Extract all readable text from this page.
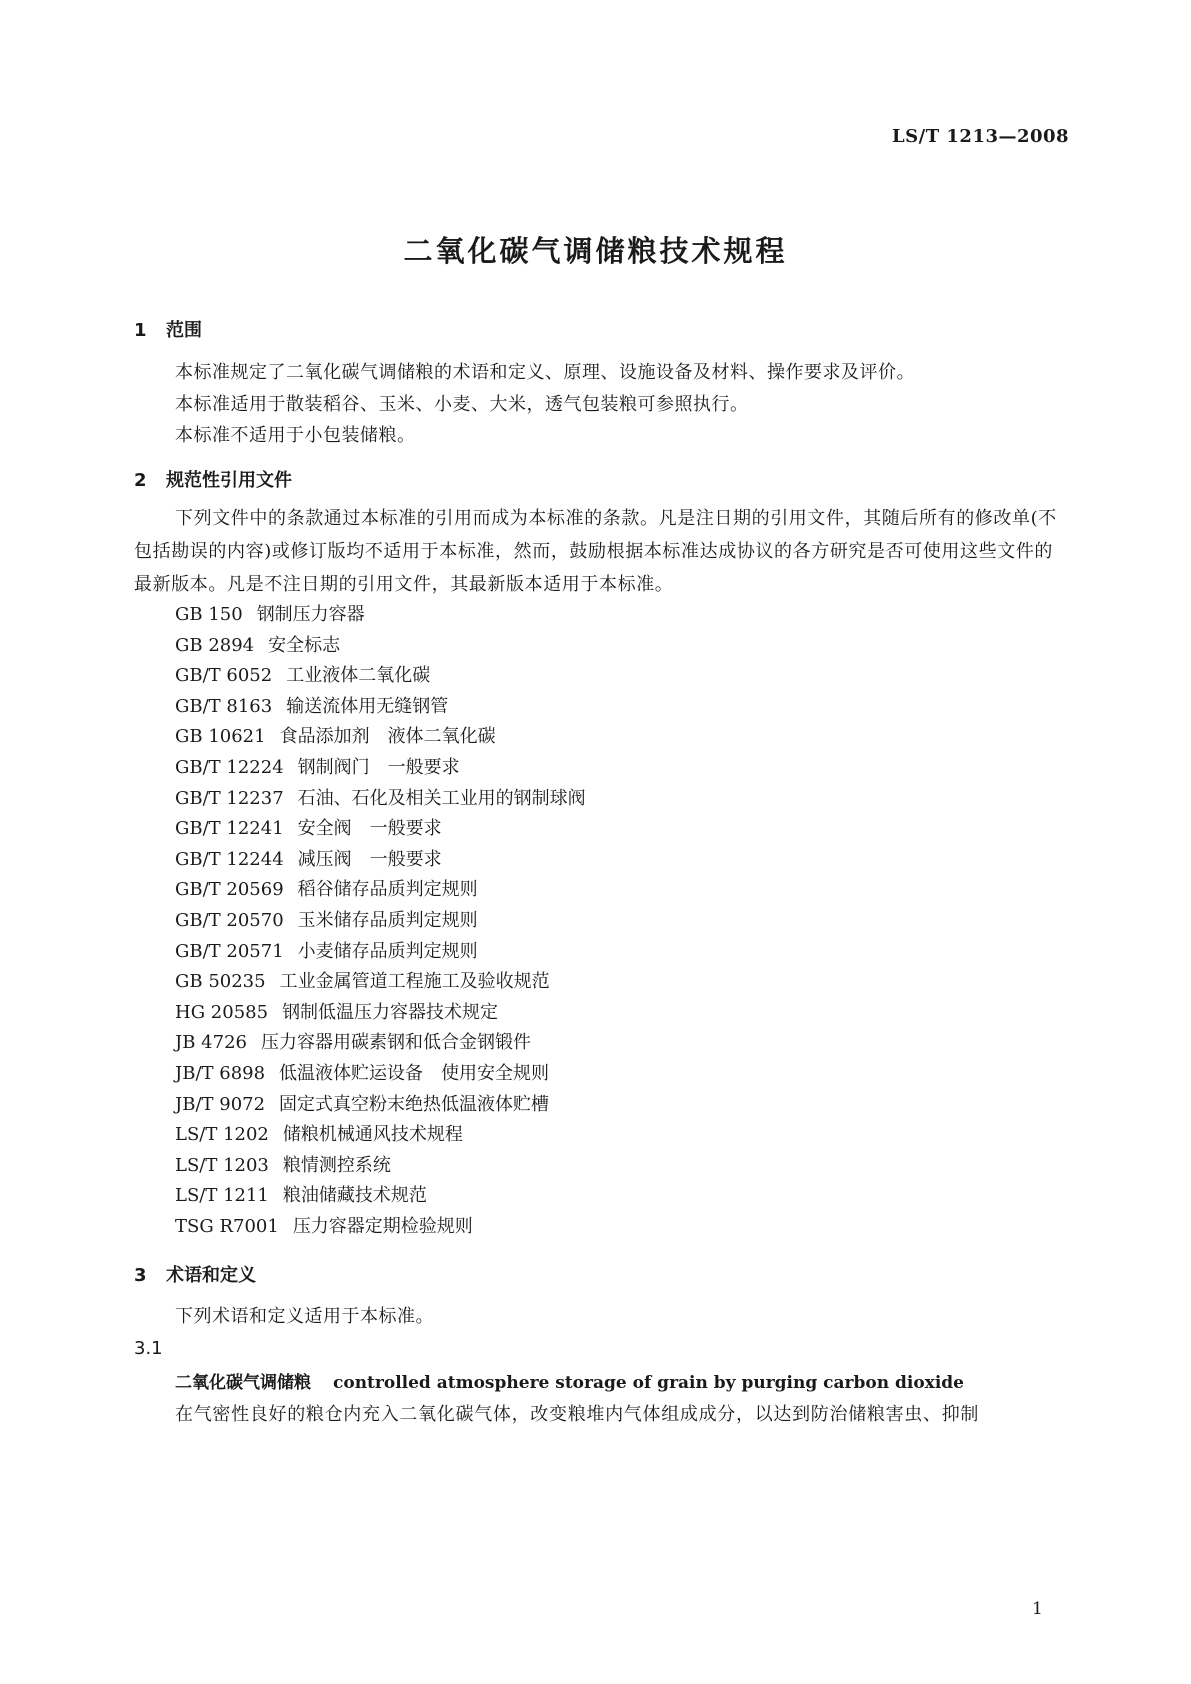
LS/T 1213—2008
二氧化碳气调储粮技术规程
1 范围
本标准规定了二氧化碳气调储粮的术语和定义、原理、设施设备及材料、操作要求及评价。
本标准适用于散装稻谷、玉米、小麦、大米，透气包装粮可参照执行。
本标准不适用于小包装储粮。
2 规范性引用文件
下列文件中的条款通过本标准的引用而成为本标准的条款。凡是注日期的引用文件，其随后所有的修改单(不包括勘误的内容)或修订版均不适用于本标准，然而，鼓励根据本标准达成协议的各方研究是否可使用这些文件的最新版本。凡是不注日期的引用文件，其最新版本适用于本标准。
GB 150 钢制压力容器
GB 2894 安全标志
GB/T 6052 工业液体二氧化碳
GB/T 8163 输送流体用无缝钢管
GB 10621 食品添加剂　液体二氧化碳
GB/T 12224 钢制阀门　一般要求
GB/T 12237 石油、石化及相关工业用的钢制球阀
GB/T 12241 安全阀　一般要求
GB/T 12244 减压阀　一般要求
GB/T 20569 稻谷储存品质判定规则
GB/T 20570 玉米储存品质判定规则
GB/T 20571 小麦储存品质判定规则
GB 50235 工业金属管道工程施工及验收规范
HG 20585 钢制低温压力容器技术规定
JB 4726 压力容器用碳素钢和低合金钢锻件
JB/T 6898 低温液体贮运设备　使用安全规则
JB/T 9072 固定式真空粉末绝热低温液体贮槽
LS/T 1202 储粮机械通风技术规程
LS/T 1203 粮情测控系统
LS/T 1211 粮油储藏技术规范
TSG R7001 压力容器定期检验规则
3 术语和定义
下列术语和定义适用于本标准。
3.1
二氧化碳气调储粮 controlled atmosphere storage of grain by purging carbon dioxide
在气密性良好的粮仓内充入二氧化碳气体，改变粮堆内气体组成成分，以达到防治储粮害虫、抑制
1
